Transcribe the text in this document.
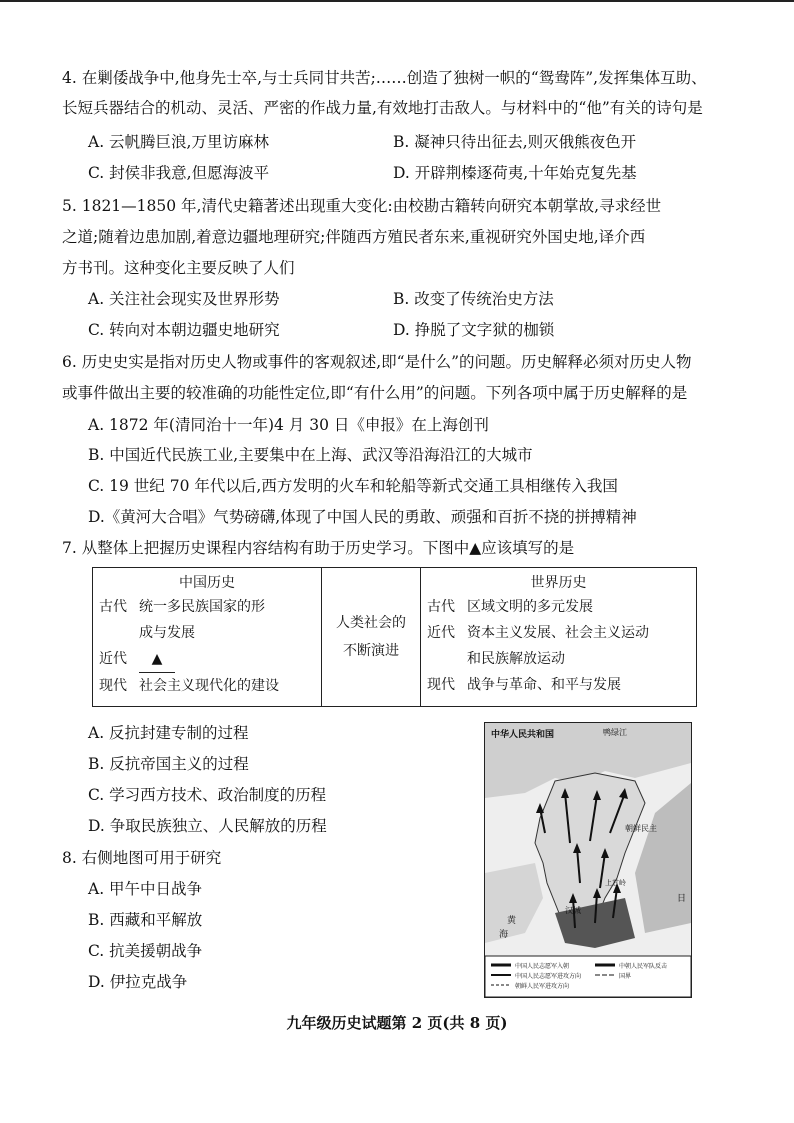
4. 在剿倭战争中,他身先士卒,与士兵同甘共苦;……创造了独树一帜的“鸳鸯阵”,发挥集体互助、
长短兵器结合的机动、灵活、严密的作战力量,有效地打击敌人。与材料中的“他”有关的诗句是
A. 云帆腾巨浪,万里访麻林	B. 凝神只待出征去,则灭俄熊夜色开
C. 封侯非我意,但愿海波平	D. 开辟荆榛逐荷夷,十年始克复先基
5. 1821—1850 年,清代史籍著述出现重大变化:由校勘古籍转向研究本朝掌故,寻求经世
之道;随着边患加剧,着意边疆地理研究;伴随西方殖民者东来,重视研究外国史地,译介西
方书刊。这种变化主要反映了人们
A. 关注社会现实及世界形势	B. 改变了传统治史方法
C. 转向对本朝边疆史地研究	D. 挣脱了文字狱的枷锁
6. 历史史实是指对历史人物或事件的客观叙述,即“是什么”的问题。历史解释必须对历史人物
或事件做出主要的较准确的功能性定位,即“有什么用”的问题。下列各项中属于历史解释的是
A. 1872 年(清同治十一年)4 月 30 日《申报》在上海创刊
B. 中国近代民族工业,主要集中在上海、武汉等沿海沿江的大城市
C. 19 世纪 70 年代以后,西方发明的火车和轮船等新式交通工具相继传入我国
D.《黄河大合唱》气势磅礴,体现了中国人民的勇敢、顽强和百折不挠的拼搏精神
7. 从整体上把握历史课程内容结构有助于历史学习。下图中▲应该填写的是
中国历史
古代 统一多民族国家的形
成与发展
近代 ▲
现代 社会主义现代化的建设

人类社会的
不断演进

世界历史
古代 区域文明的多元发展
近代 资本主义发展、社会主义运动
和民族解放运动
现代 战争与革命、和平与发展
A. 反抗封建专制的过程
B. 反抗帝国主义的过程
C. 学习西方技术、政治制度的历程
D. 争取民族独立、人民解放的历程
8. 右侧地图可用于研究
A. 甲午中日战争
B. 西藏和平解放
C. 抗美援朝战争
D. 伊拉克战争
中华人民共和国	鸭绿江
朝鲜民主
汉城
上甘岭
黄
海
日
中国人民志愿军入朝
中国人民志愿军进攻方向
朝鲜人民军进攻方向
中朝人民军队反击
国界
九年级历史试题第 2 页(共 8 页)
